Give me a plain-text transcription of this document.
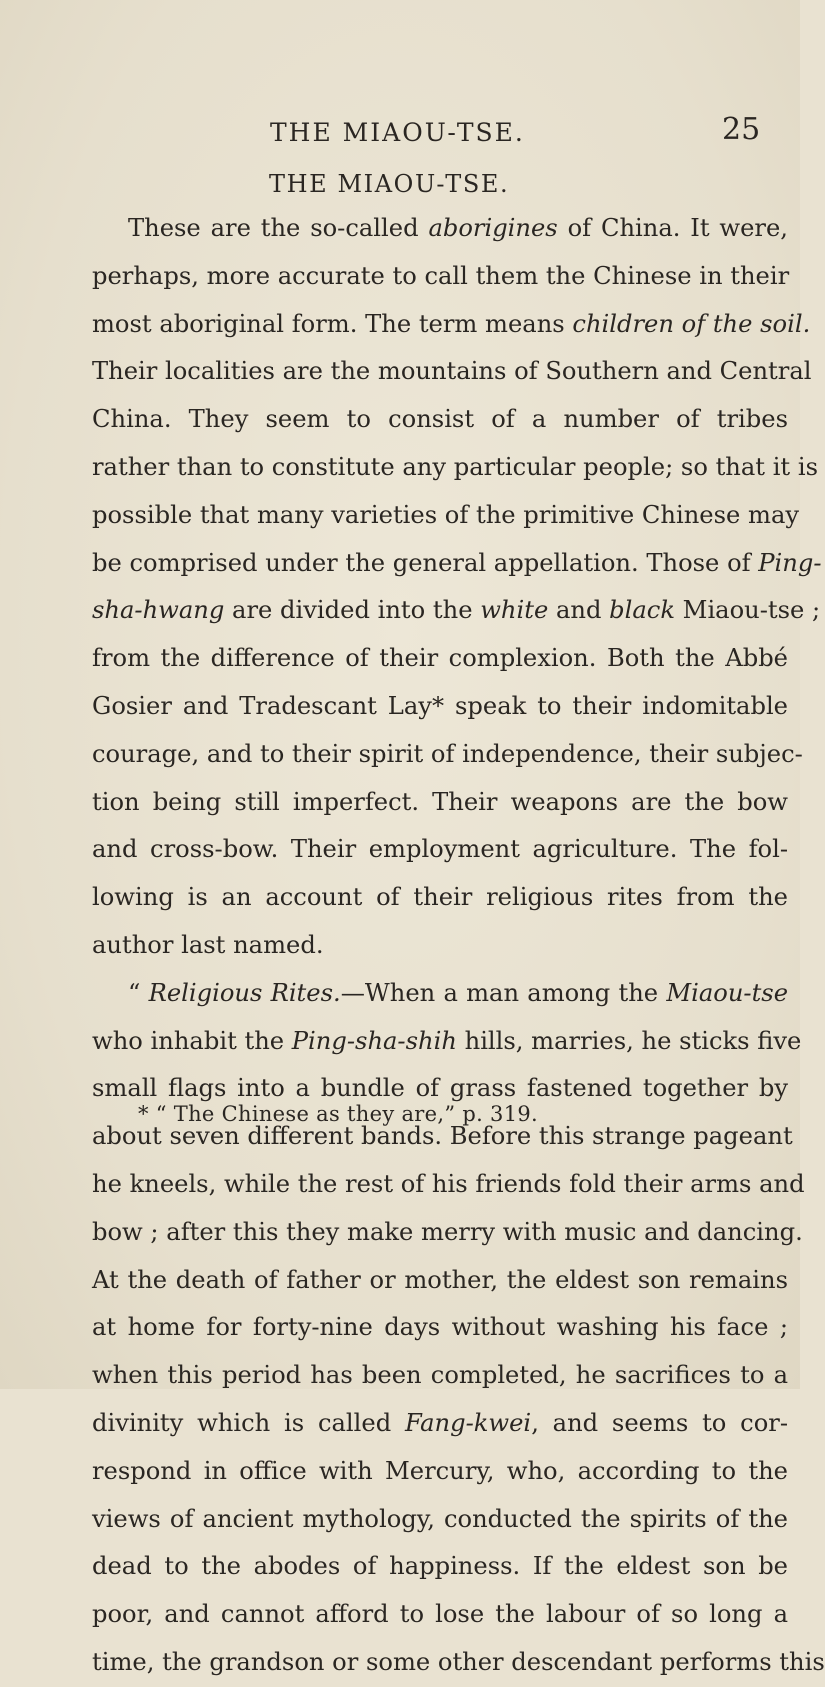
THE MIAOU-TSE.	25
THE MIAOU-TSE.
These are the so-called aborigines of China. It were,
perhaps, more accurate to call them the Chinese in their
most aboriginal form. The term means children of the soil.
Their localities are the mountains of Southern and Central
China. They seem to consist of a number of tribes
rather than to constitute any particular people; so that it is
possible that many varieties of the primitive Chinese may
be comprised under the general appellation. Those of Ping-
sha-hwang are divided into the white and black Miaou-tse ;
from the difference of their complexion. Both the Abbé
Gosier and Tradescant Lay* speak to their indomitable
courage, and to their spirit of independence, their subjec-
tion being still imperfect. Their weapons are the bow
and cross-bow. Their employment agriculture. The fol-
lowing is an account of their religious rites from the
author last named.
“ Religious Rites.—When a man among the Miaou-tse
who inhabit the Ping-sha-shih hills, marries, he sticks five
small flags into a bundle of grass fastened together by
about seven different bands. Before this strange pageant
he kneels, while the rest of his friends fold their arms and
bow ; after this they make merry with music and dancing.
At the death of father or mother, the eldest son remains
at home for forty-nine days without washing his face ;
when this period has been completed, he sacrifices to a
divinity which is called Fang-kwei, and seems to cor-
respond in office with Mercury, who, according to the
views of ancient mythology, conducted the spirits of the
dead to the abodes of happiness. If the eldest son be
poor, and cannot afford to lose the labour of so long a
time, the grandson or some other descendant performs this
* “ The Chinese as they are,” p. 319.
